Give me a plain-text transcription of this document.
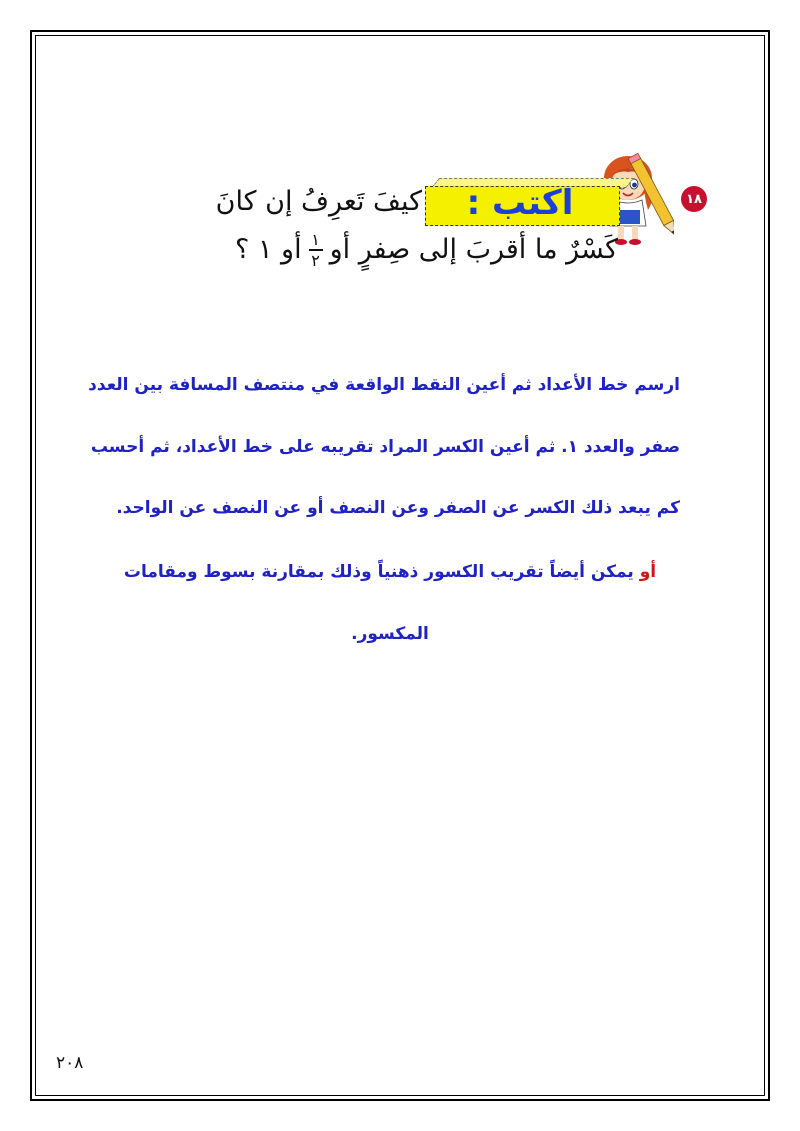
١٨
اكتب :
كيفَ تَعرِفُ إن كانَ
كَسْرٌ ما أقربَ إلى صِفرٍ أو
$\frac{١}{٢}$
أو ١ ؟
ارسم خط الأعداد ثم أعين النقط الواقعة في منتصف المسافة بين العدد
صفر والعدد ١. ثم أعين الكسر المراد تقريبه على خط الأعداد، ثم أحسب
كم يبعد ذلك الكسر عن الصفر وعن النصف أو عن النصف عن الواحد.
أو يمكن أيضاً تقريب الكسور ذهنياً وذلك بمقارنة بسوط ومقامات
المكسور.
٢٠٨
